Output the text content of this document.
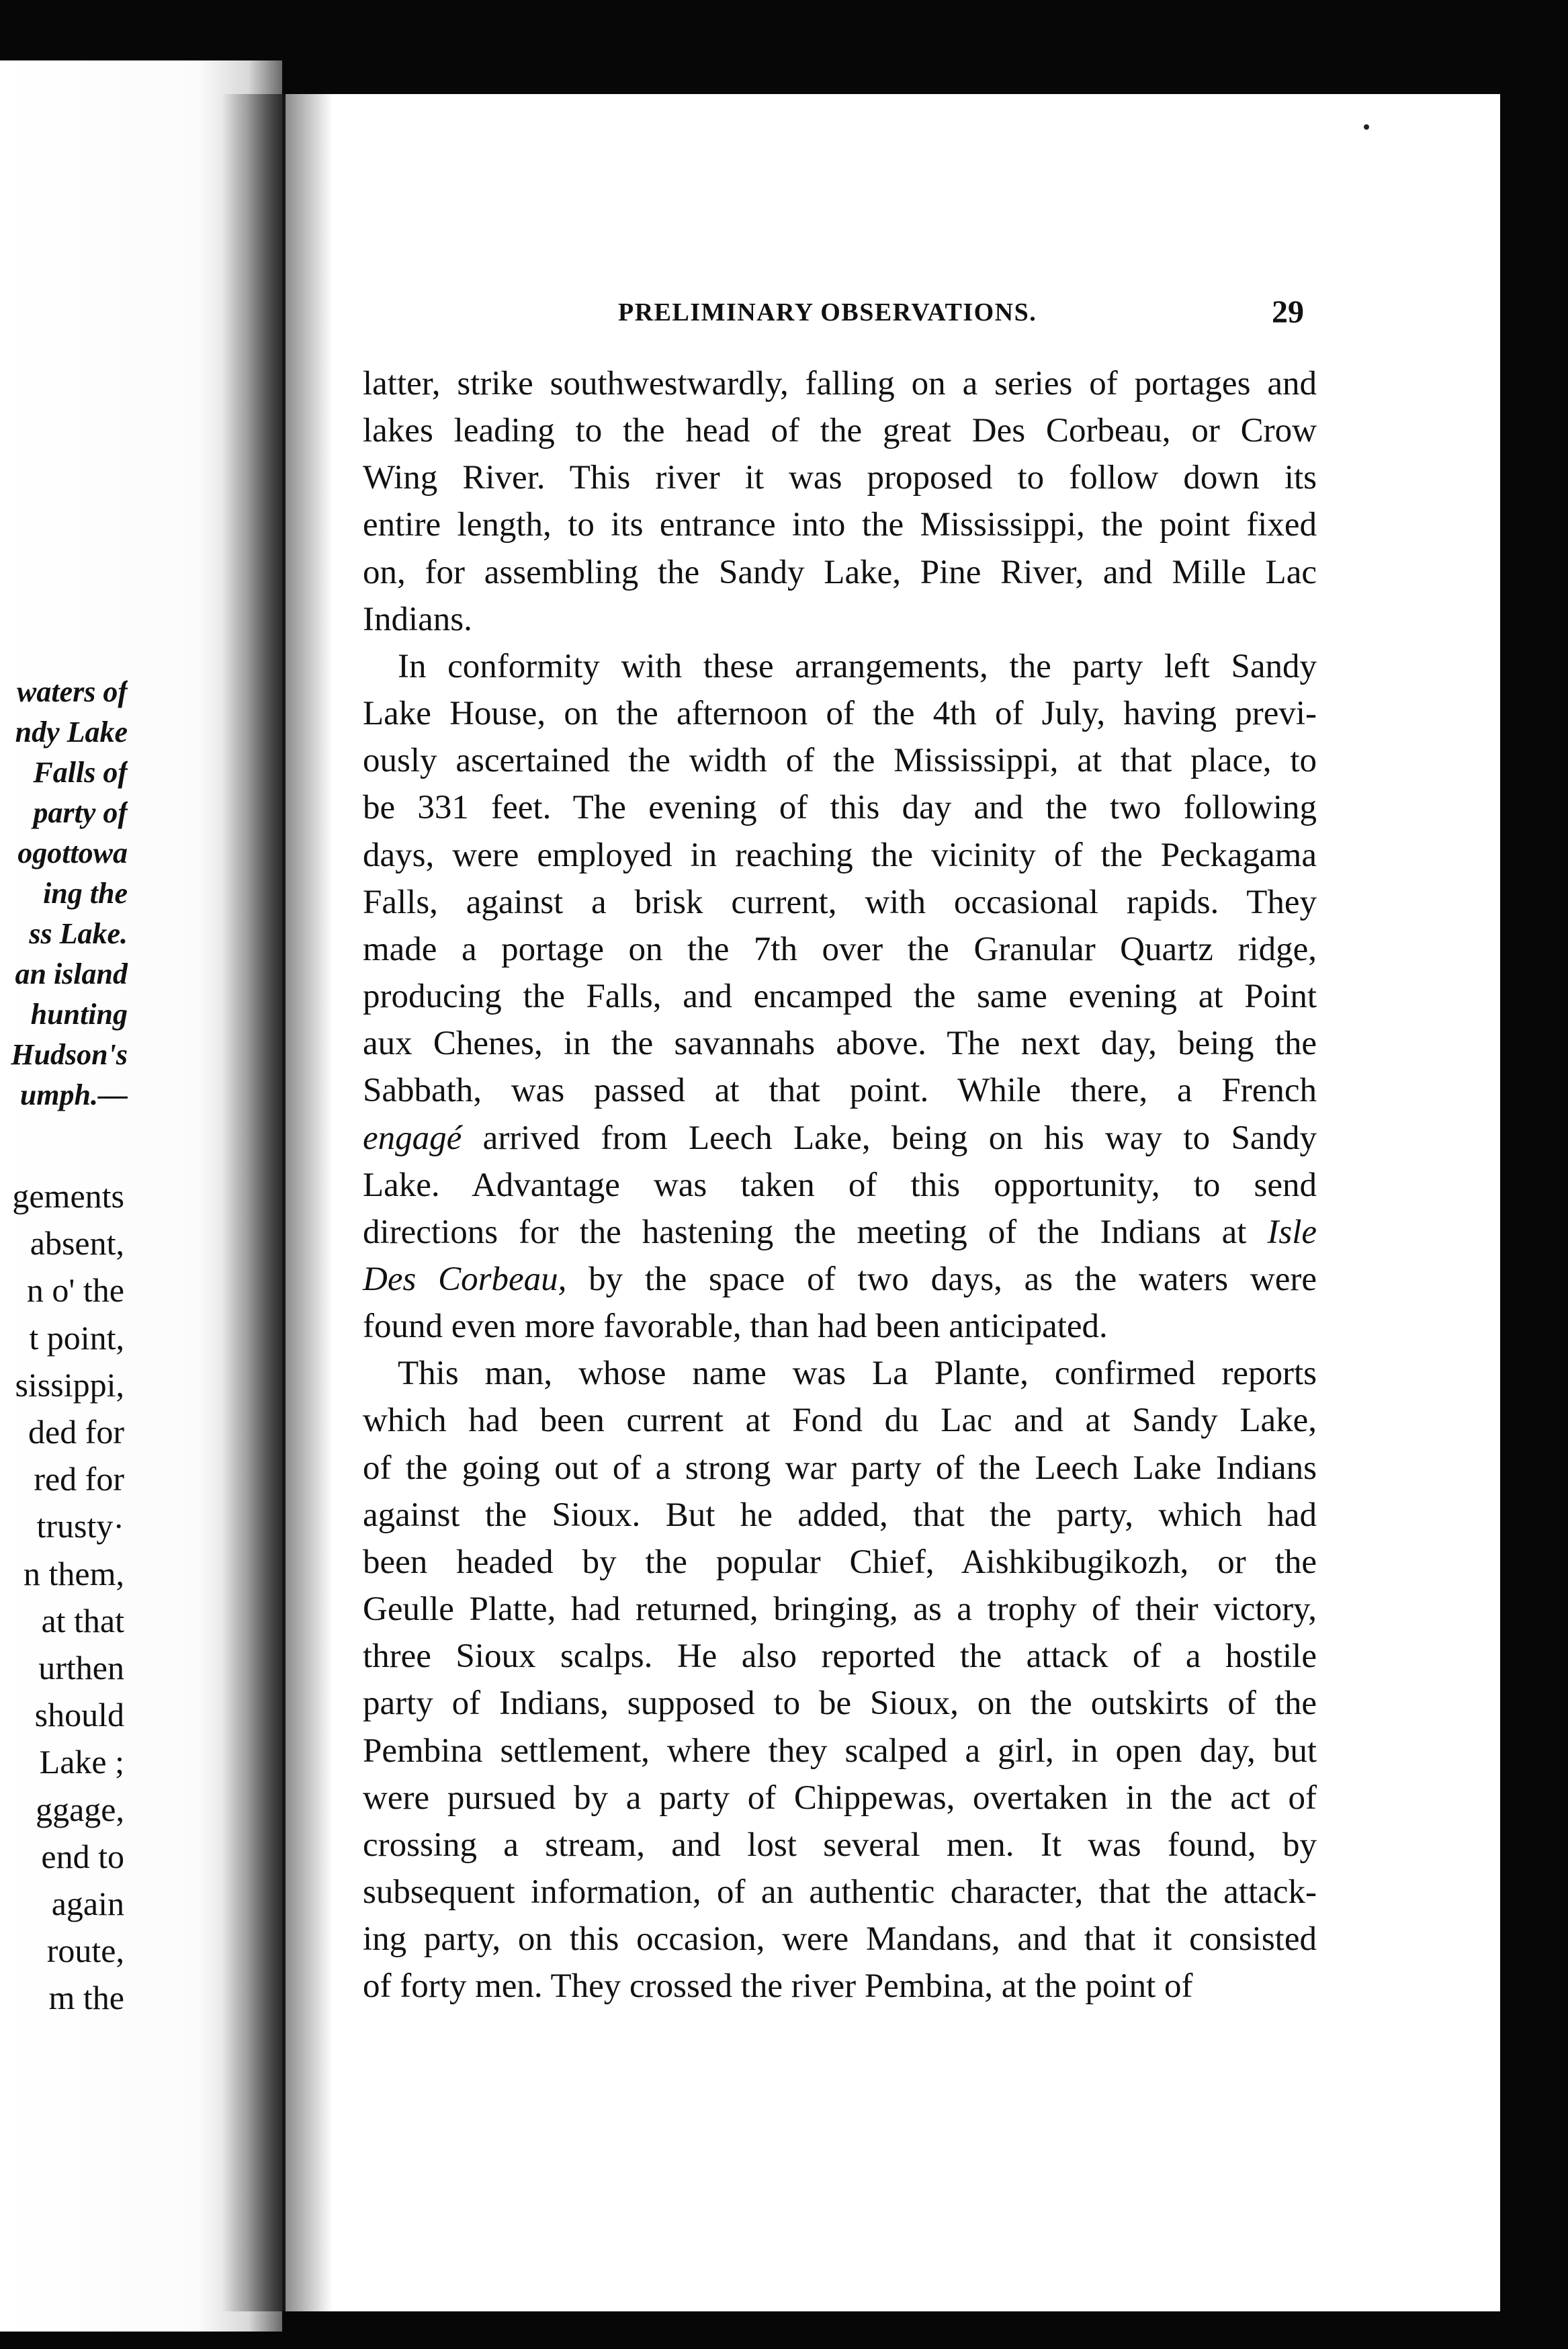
waters of

ndy Lake

Falls of

party of

ogottowa

ing the

ss Lake.

an island

hunting

Hudson's

umph.—

gements

absent,

n o' the

t point,

sissippi,

ded for

red for

trusty·

n them,

at that

urthen

should

Lake ;

ggage,

end to

again

route,

m the

PRELIMINARY OBSERVATIONS.	29

latter, strike southwestwardly, falling on a series of portages and

lakes leading to the head of the great Des Corbeau, or Crow

Wing River. This river it was proposed to follow down its

entire length, to its entrance into the Mississippi, the point fixed

on, for assembling the Sandy Lake, Pine River, and Mille Lac

Indians.

In conformity with these arrangements, the party left Sandy

Lake House, on the afternoon of the 4th of July, having previ-

ously ascertained the width of the Mississippi, at that place, to

be 331 feet. The evening of this day and the two following

days, were employed in reaching the vicinity of the Peckagama

Falls, against a brisk current, with occasional rapids. They

made a portage on the 7th over the Granular Quartz ridge,

producing the Falls, and encamped the same evening at Point

aux Chenes, in the savannahs above. The next day, being the

Sabbath, was passed at that point. While there, a French

engagé arrived from Leech Lake, being on his way to Sandy

Lake. Advantage was taken of this opportunity, to send

directions for the hastening the meeting of the Indians at Isle

Des Corbeau, by the space of two days, as the waters were

found even more favorable, than had been anticipated.

This man, whose name was La Plante, confirmed reports

which had been current at Fond du Lac and at Sandy Lake,

of the going out of a strong war party of the Leech Lake Indians

against the Sioux. But he added, that the party, which had

been headed by the popular Chief, Aishkibugikozh, or the

Geulle Platte, had returned, bringing, as a trophy of their victory,

three Sioux scalps. He also reported the attack of a hostile

party of Indians, supposed to be Sioux, on the outskirts of the

Pembina settlement, where they scalped a girl, in open day, but

were pursued by a party of Chippewas, overtaken in the act of

crossing a stream, and lost several men. It was found, by

subsequent information, of an authentic character, that the attack-

ing party, on this occasion, were Mandans, and that it consisted

of forty men. They crossed the river Pembina, at the point of
